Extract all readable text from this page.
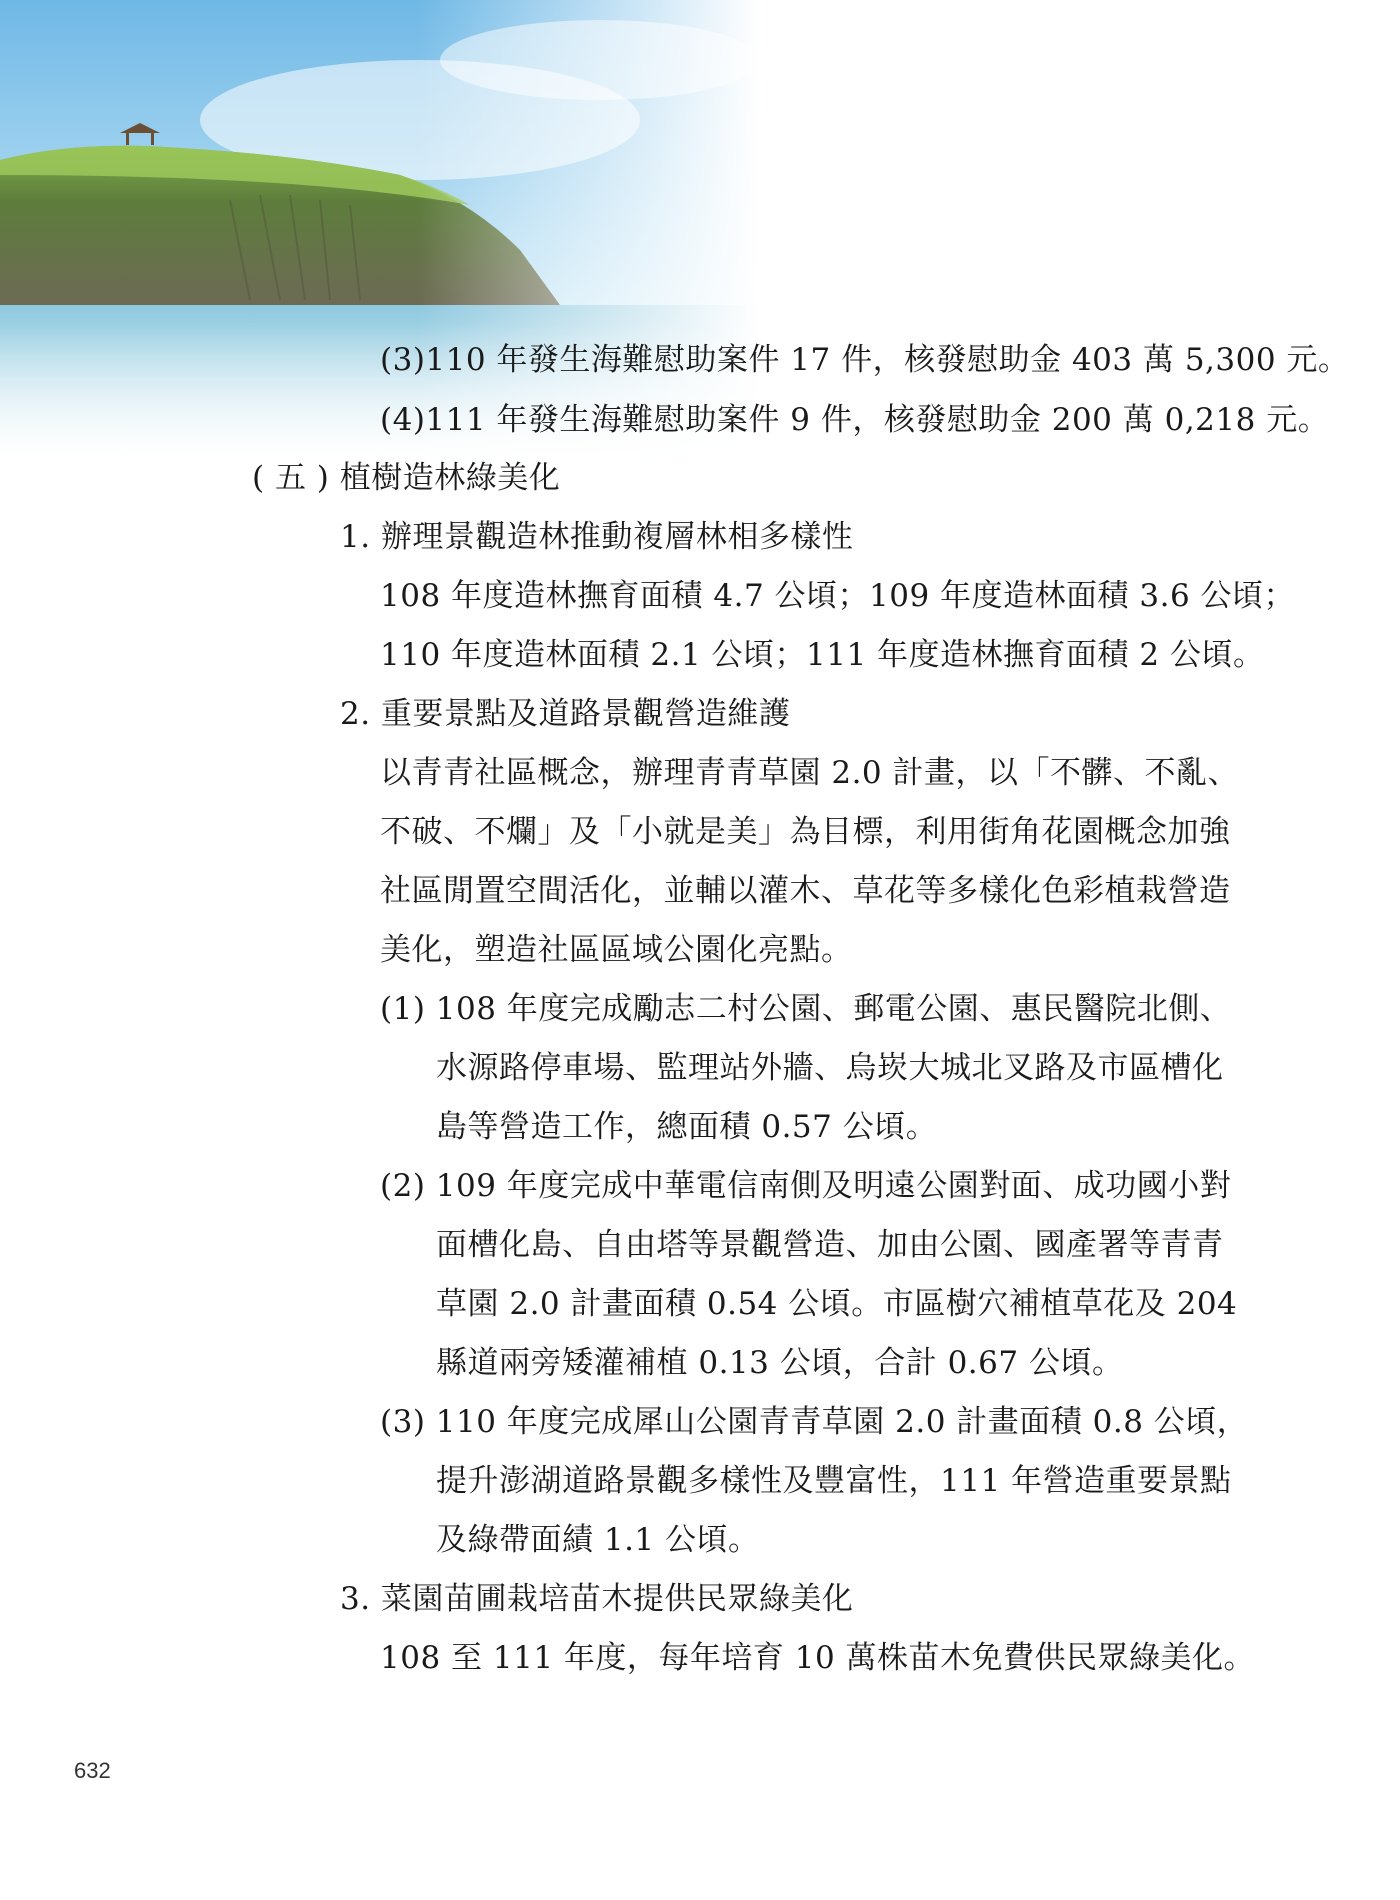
(3)110 年發生海難慰助案件 17 件，核發慰助金 403 萬 5,300 元。
(4)111 年發生海難慰助案件 9 件，核發慰助金 200 萬 0,218 元。
( 五 ) 植樹造林綠美化
1. 辦理景觀造林推動複層林相多樣性
108 年度造林撫育面積 4.7 公頃；109 年度造林面積 3.6 公頃；
110 年度造林面積 2.1 公頃；111 年度造林撫育面積 2 公頃。
2. 重要景點及道路景觀營造維護
以青青社區概念，辦理青青草園 2.0 計畫，以「不髒、不亂、
不破、不爛」及「小就是美」為目標，利用街角花園概念加強
社區閒置空間活化，並輔以灌木、草花等多樣化色彩植栽營造
美化，塑造社區區域公園化亮點。
(1) 108 年度完成勵志二村公園、郵電公園、惠民醫院北側、
水源路停車場、監理站外牆、烏崁大城北叉路及市區槽化
島等營造工作，總面積 0.57 公頃。
(2) 109 年度完成中華電信南側及明遠公園對面、成功國小對
面槽化島、自由塔等景觀營造、加由公園、國產署等青青
草園 2.0 計畫面積 0.54 公頃。市區樹穴補植草花及 204
縣道兩旁矮灌補植 0.13 公頃，合計 0.67 公頃。
(3) 110 年度完成犀山公園青青草園 2.0 計畫面積 0.8 公頃，
提升澎湖道路景觀多樣性及豐富性，111 年營造重要景點
及綠帶面績 1.1 公頃。
3. 菜園苗圃栽培苗木提供民眾綠美化
108 至 111 年度，每年培育 10 萬株苗木免費供民眾綠美化。
632
